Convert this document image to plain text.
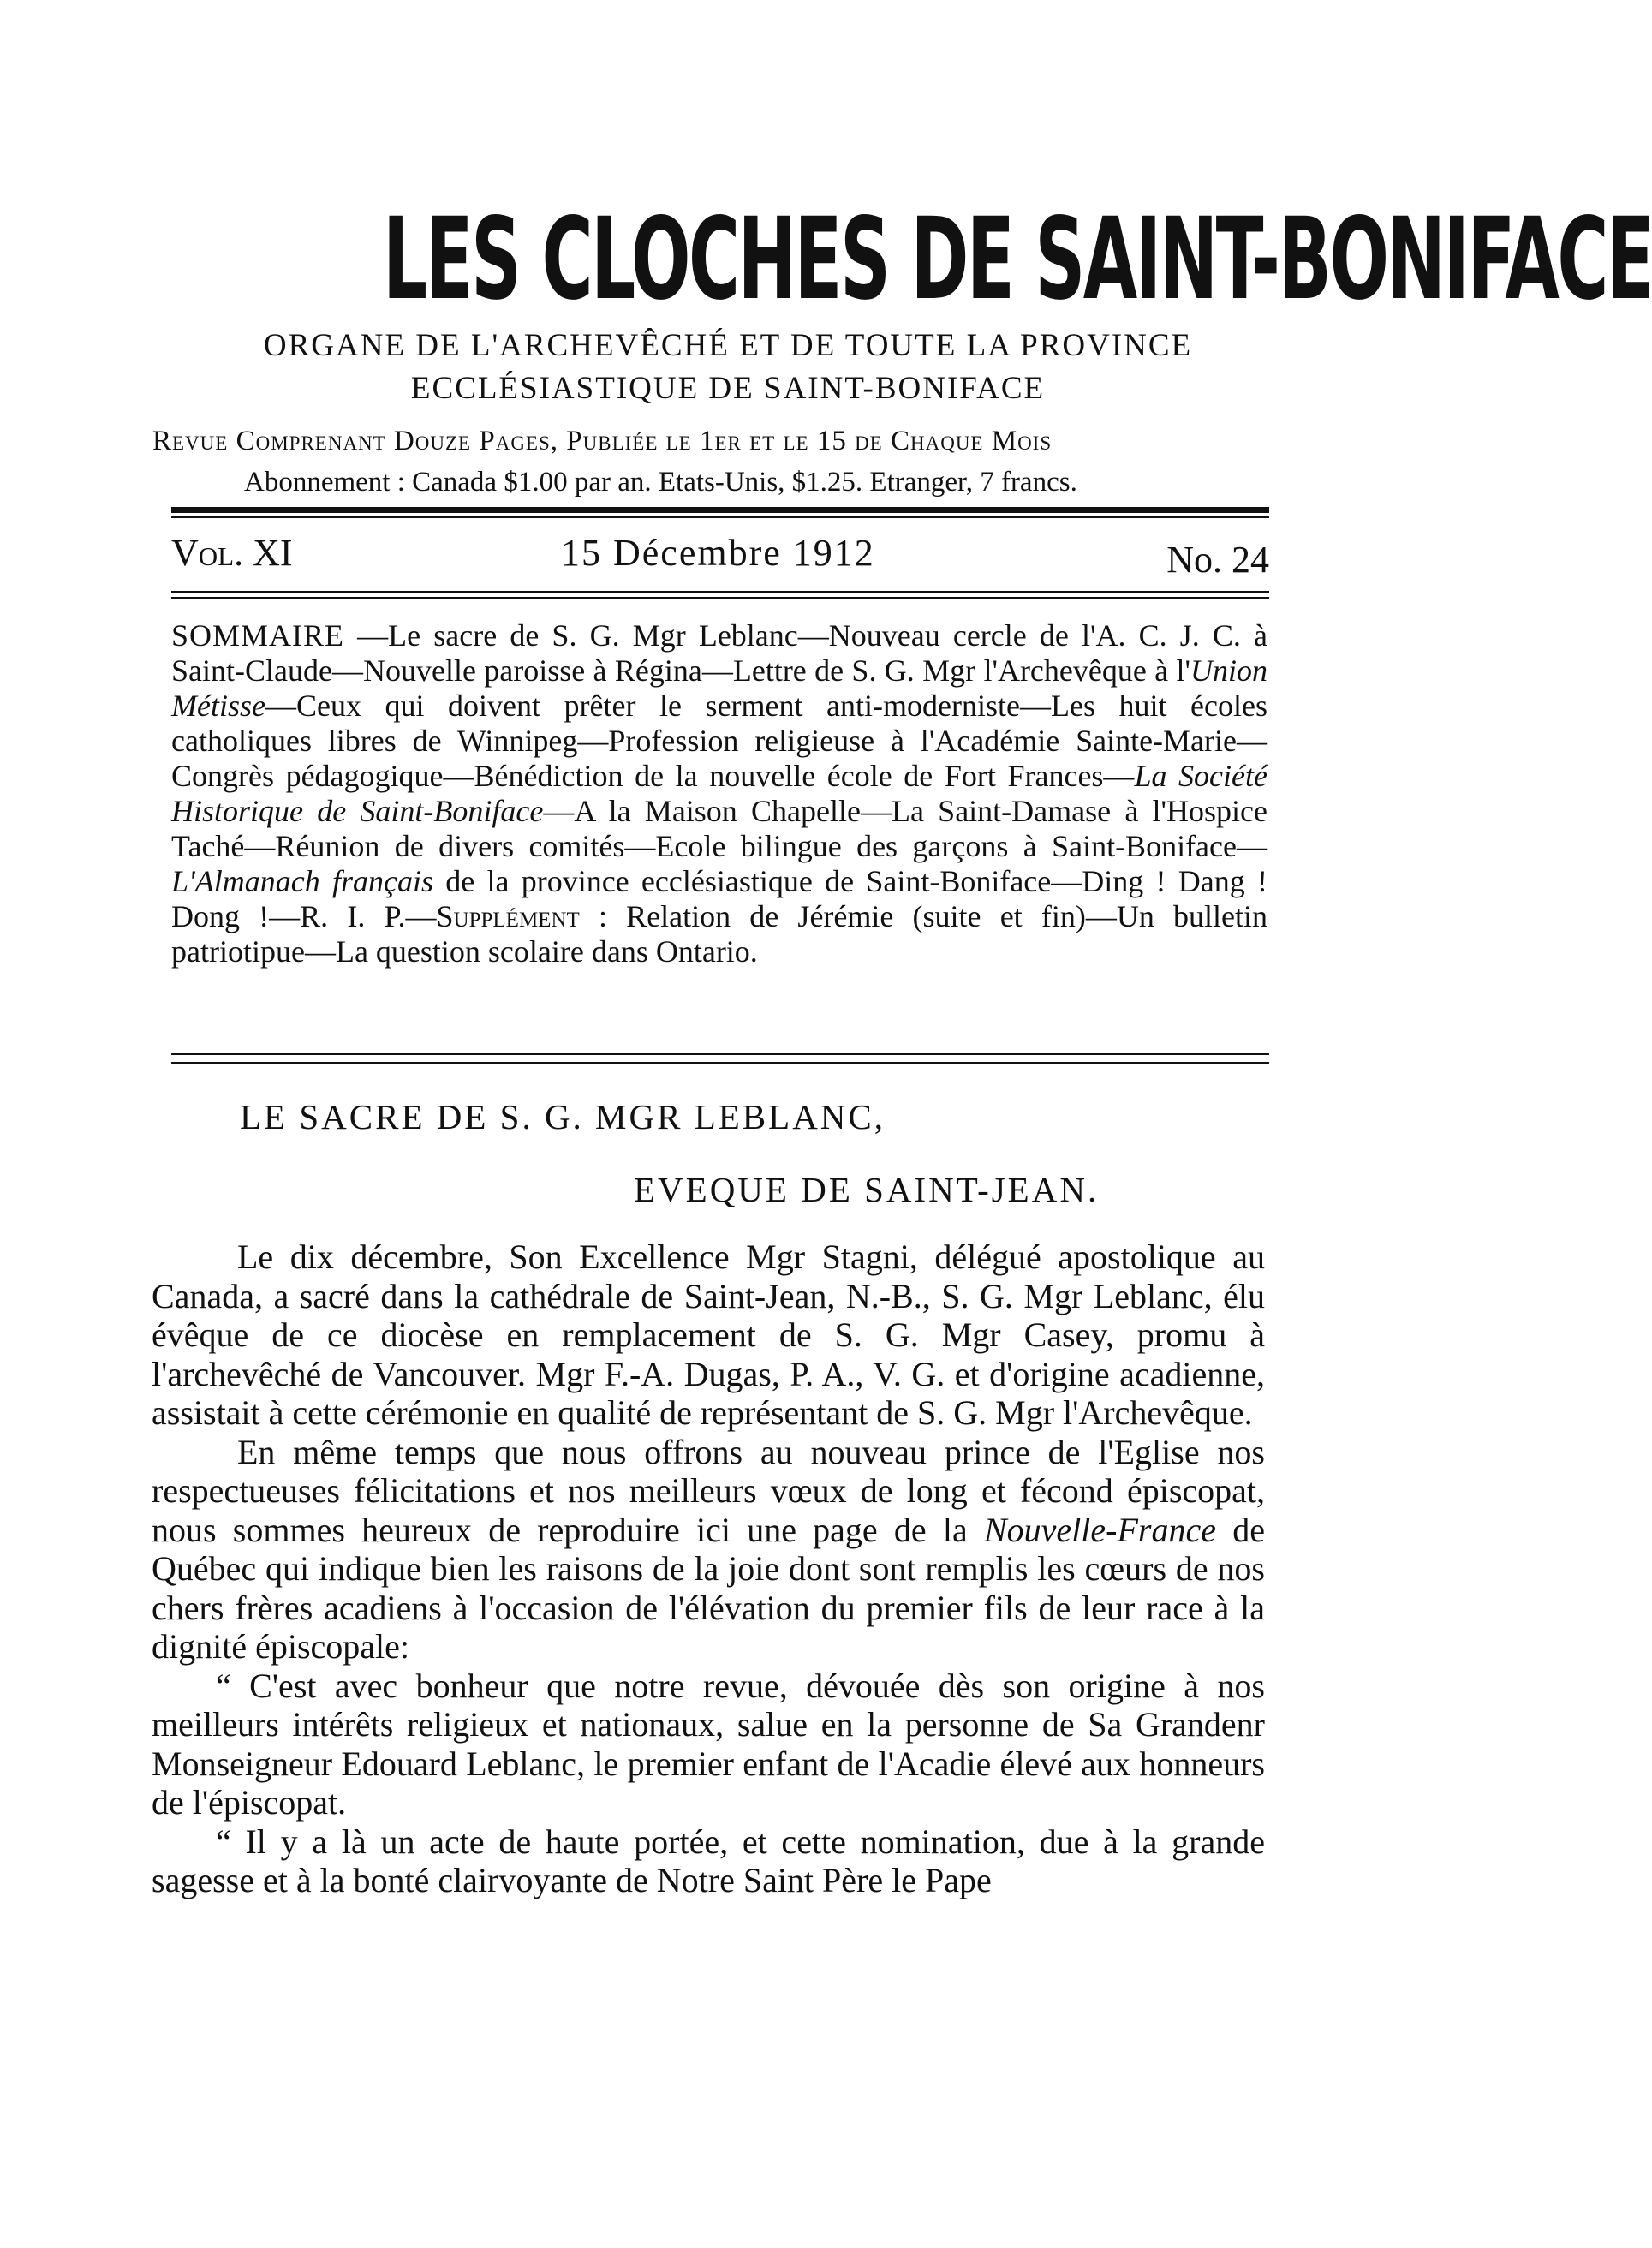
LES CLOCHES DE SAINT-BONIFACE
ORGANE DE L'ARCHEVÊCHÉ ET DE TOUTE LA PROVINCE
ECCLÉSIASTIQUE DE SAINT-BONIFACE
Revue Comprenant Douze Pages, Publiée le 1er et le 15 de Chaque Mois
Abonnement : Canada $1.00 par an. Etats-Unis, $1.25. Etranger, 7 francs.
Vol. XI	15 Décembre 1912	No. 24
SOMMAIRE —Le sacre de S. G. Mgr Leblanc—Nouveau cercle de l'A. C. J. C. à Saint-Claude—Nouvelle paroisse à Régina—Lettre de S. G. Mgr l'Archevêque à l'Union Métisse—Ceux qui doivent prêter le serment anti-moderniste—Les huit écoles catholiques libres de Winnipeg—Profession religieuse à l'Académie Sainte-Marie—Congrès pédagogique—Bénédiction de la nouvelle école de Fort Frances—La Société Historique de Saint-Boniface—A la Maison Chapelle—La Saint-Damase à l'Hospice Taché—Réunion de divers comités—Ecole bilingue des garçons à Saint-Boniface—L'Almanach français de la province ecclésiastique de Saint-Boniface—Ding ! Dang ! Dong !—R. I. P.—Supplément : Relation de Jérémie (suite et fin)—Un bulletin patriotipue—La question scolaire dans Ontario.
LE SACRE DE S. G. MGR LEBLANC,
EVEQUE DE SAINT-JEAN.

Le dix décembre, Son Excellence Mgr Stagni, délégué apostolique au Canada, a sacré dans la cathédrale de Saint-Jean, N.-B., S. G. Mgr Leblanc, élu évêque de ce diocèse en remplacement de S. G. Mgr Casey, promu à l'archevêché de Vancouver. Mgr F.-A. Dugas, P. A., V. G. et d'origine acadienne, assistait à cette cérémonie en qualité de représentant de S. G. Mgr l'Archevêque.

En même temps que nous offrons au nouveau prince de l'Eglise nos respectueuses félicitations et nos meilleurs vœux de long et fécond épiscopat, nous sommes heureux de reproduire ici une page de la Nouvelle-France de Québec qui indique bien les raisons de la joie dont sont remplis les cœurs de nos chers frères acadiens à l'occasion de l'élévation du premier fils de leur race à la dignité épiscopale:

“ C'est avec bonheur que notre revue, dévouée dès son origine à nos meilleurs intérêts religieux et nationaux, salue en la personne de Sa Grandenr Monseigneur Edouard Leblanc, le premier enfant de l'Acadie élevé aux honneurs de l'épiscopat.

“ Il y a là un acte de haute portée, et cette nomination, due à la grande sagesse et à la bonté clairvoyante de Notre Saint Père le Pape
